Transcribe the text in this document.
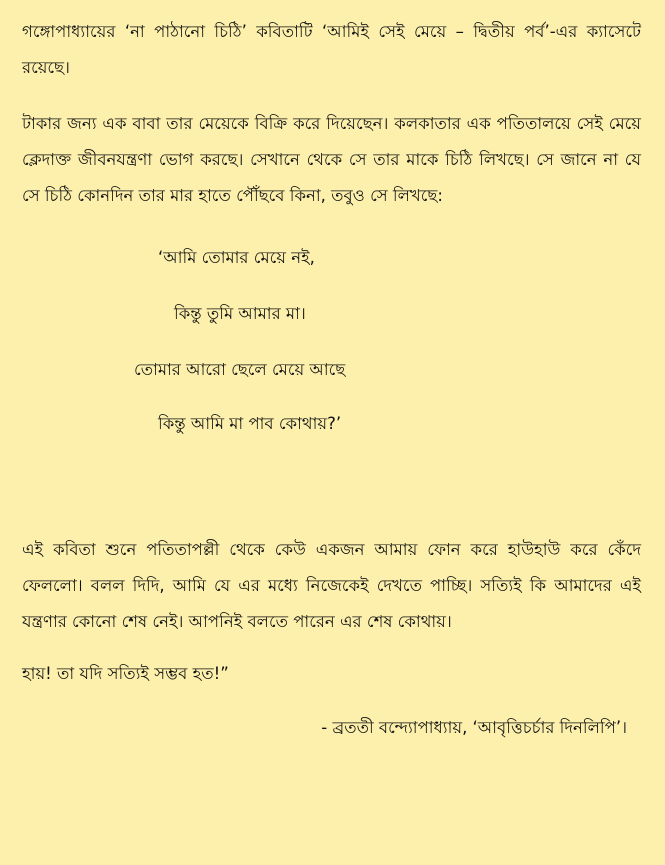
গঙ্গোপাধ্যায়ের ‘না পাঠানো চিঠি’ কবিতাটি ‘আমিই সেই মেয়ে – দ্বিতীয় পর্ব’-এর ক্যাসেটে রয়েছে।

টাকার জন্য এক বাবা তার মেয়েকে বিক্রি করে দিয়েছেন। কলকাতার এক পতিতালয়ে সেই মেয়ে ক্লেদাক্ত জীবনযন্ত্রণা ভোগ করছে। সেখানে থেকে সে তার মাকে চিঠি লিখছে। সে জানে না যে সে চিঠি কোনদিন তার মার হাতে পৌঁছবে কিনা, তবুও সে লিখছে:

‘আমি তোমার মেয়ে নই,
কিন্তু তুমি আমার মা।
তোমার আরো ছেলে মেয়ে আছে
কিন্তু আমি মা পাব কোথায়?’

এই কবিতা শুনে পতিতাপল্লী থেকে কেউ একজন আমায় ফোন করে হাউহাউ করে কেঁদে ফেললো। বলল দিদি, আমি যে এর মধ্যে নিজেকেই দেখতে পাচ্ছি। সত্যিই কি আমাদের এই যন্ত্রণার কোনো শেষ নেই। আপনিই বলতে পারেন এর শেষ কোথায়।

হায়! তা যদি সত্যিই সম্ভব হত!”

- ব্রততী বন্দ্যোপাধ্যায়, ‘আবৃত্তিচর্চার দিনলিপি’।
